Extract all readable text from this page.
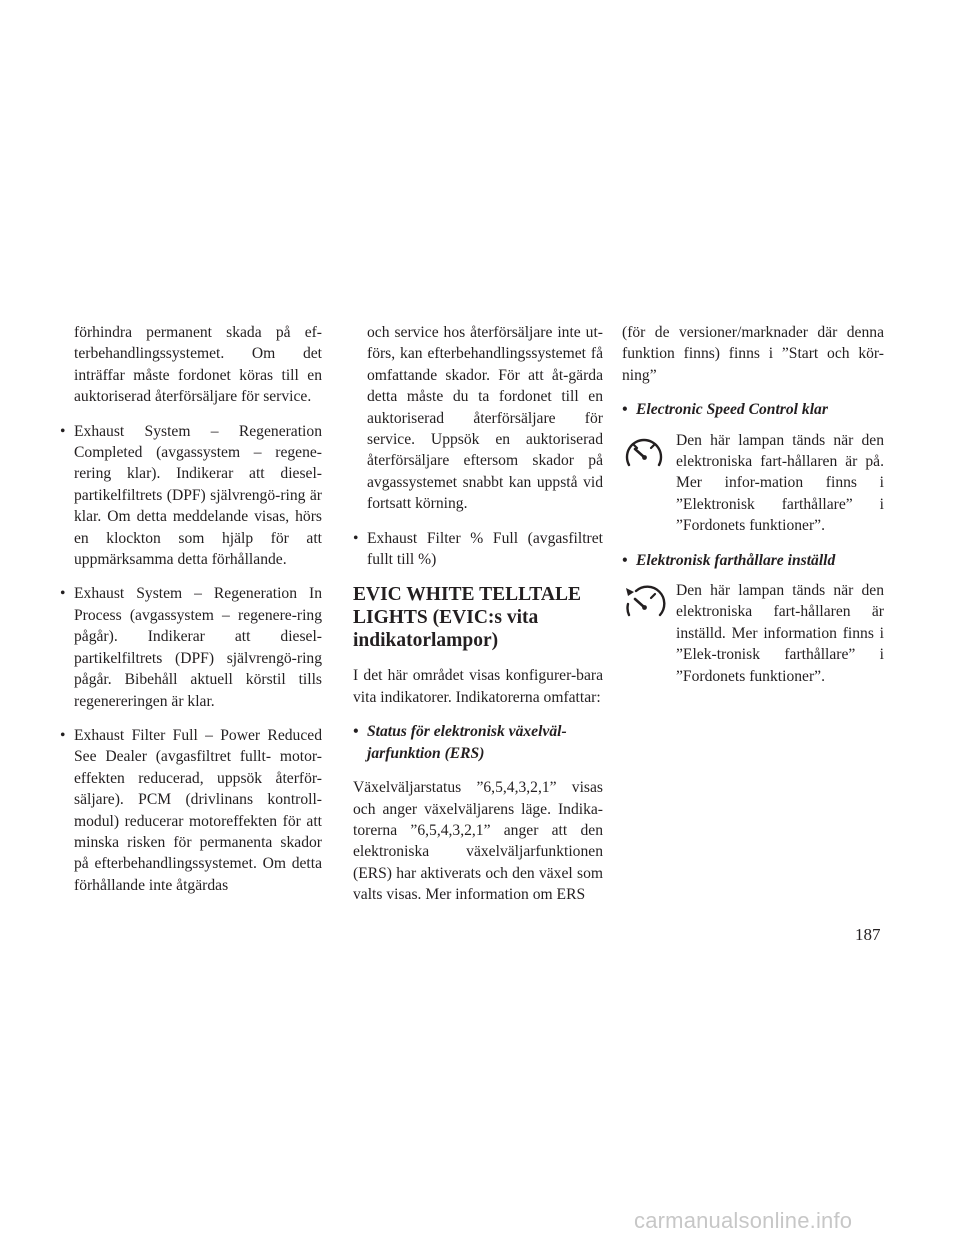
förhindra permanent skada på ef-terbehandlingssystemet. Om det inträffar måste fordonet köras till en auktoriserad återförsäljare för service.

• Exhaust System – Regeneration Completed (avgassystem – regene-rering klar). Indikerar att diesel-partikelfiltrets (DPF) självrengö-ring är klar. Om detta meddelande visas, hörs en klockton som hjälp för att uppmärksamma detta förhållande.

• Exhaust System – Regeneration In Process (avgassystem – regenere-ring pågår). Indikerar att diesel-partikelfiltrets (DPF) självrengö-ring pågår. Bibehåll aktuell körstil tills regenereringen är klar.

• Exhaust Filter Full – Power Reduced See Dealer (avgasfiltret fullt- motor-effekten reducerad, uppsök återför-säljare). PCM (drivlinans kontroll-modul) reducerar motoreffekten för att minska risken för permanenta skador på efterbehandlingssystemet. Om detta förhållande inte åtgärdas

och service hos återförsäljare inte ut-förs, kan efterbehandlingssystemet få omfattande skador. För att åt-gärda detta måste du ta fordonet till en auktoriserad återförsäljare för service. Uppsök en auktoriserad återförsäljare eftersom skador på avgassystemet snabbt kan uppstå vid fortsatt körning.

• Exhaust Filter % Full (avgasfiltret fullt till %)

EVIC WHITE TELLTALE LIGHTS (EVIC:s vita indikatorlampor)

I det här området visas konfigurer-bara vita indikatorer. Indikatorerna omfattar:

• Status för elektronisk växelväl-jarfunktion (ERS)

Växelväljarstatus ”6,5,4,3,2,1” visas och anger växelväljarens läge. Indika-torerna ”6,5,4,3,2,1” anger att den elektroniska växelväljarfunktionen (ERS) har aktiverats och den växel som valts visas. Mer information om ERS

(för de versioner/marknader där denna funktion finns) finns i ”Start och kör-ning”

• Electronic Speed Control klar

Den här lampan tänds när den elektroniska fart-hållaren är på. Mer infor-mation finns i ”Elektronisk farthållare” i ”Fordonets funktioner”.

• Elektronisk farthållare inställd

Den här lampan tänds när den elektroniska fart-hållaren är inställd. Mer information finns i ”Elek-tronisk farthållare” i ”Fordonets funktioner”.

187
carmanualsonline.info
